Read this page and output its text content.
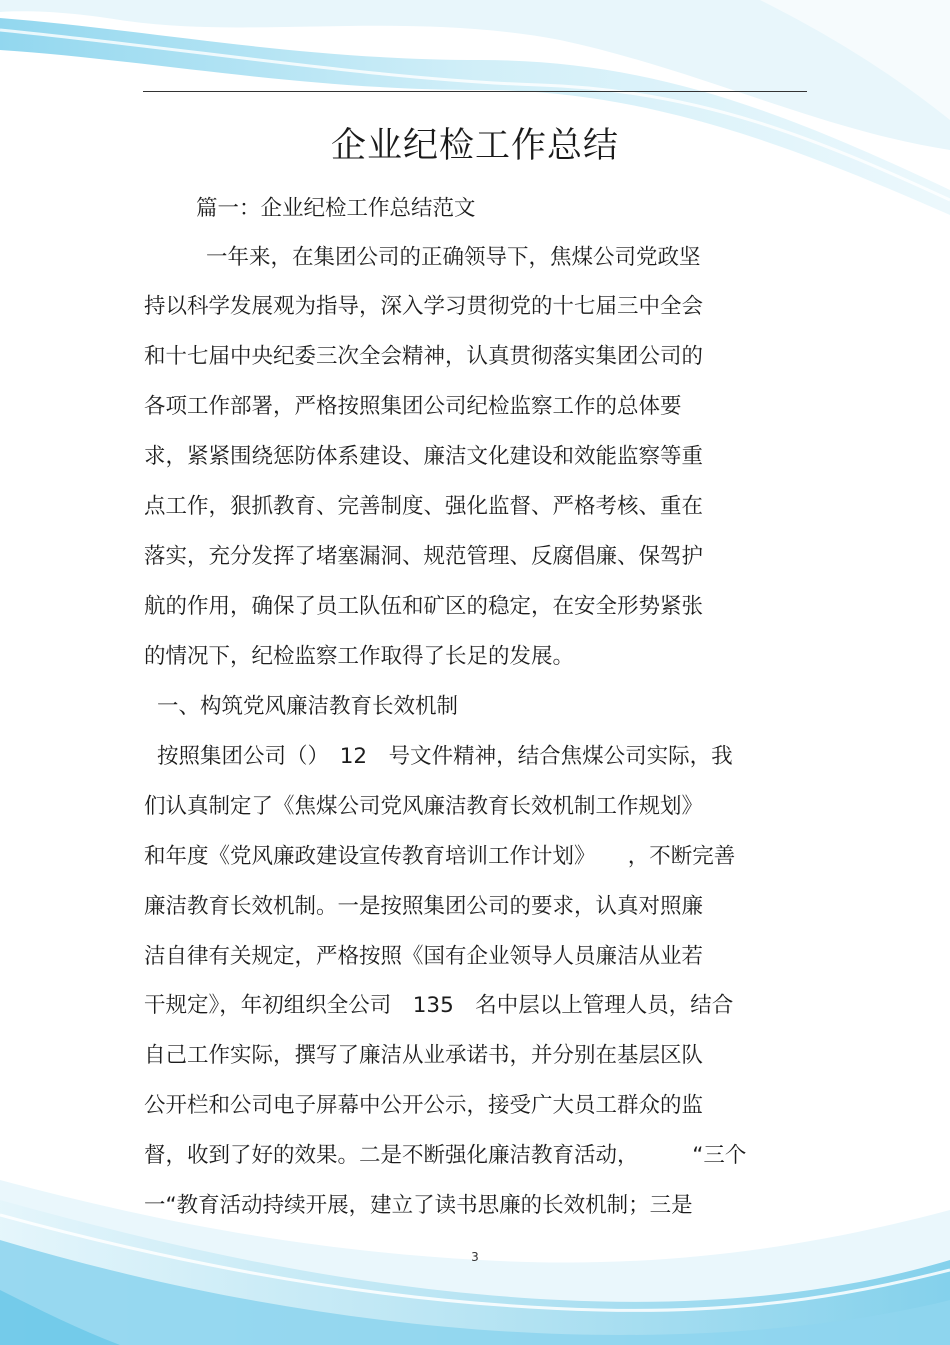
企业纪检工作总结

篇一：企业纪检工作总结范文

一年来，在集团公司的正确领导下，焦煤公司党政坚

持以科学发展观为指导，深入学习贯彻党的十七届三中全会

和十七届中央纪委三次全会精神，认真贯彻落实集团公司的

各项工作部署，严格按照集团公司纪检监察工作的总体要

求，紧紧围绕惩防体系建设、廉洁文化建设和效能监察等重

点工作，狠抓教育、完善制度、强化监督、严格考核、重在

落实，充分发挥了堵塞漏洞、规范管理、反腐倡廉、保驾护

航的作用，确保了员工队伍和矿区的稳定，在安全形势紧张

的情况下，纪检监察工作取得了长足的发展。

一、构筑党风廉洁教育长效机制

按照集团公司（）　12　号文件精神，结合焦煤公司实际，我

们认真制定了《焦煤公司党风廉洁教育长效机制工作规划》

和年度《党风廉政建设宣传教育培训工作计划》　　，不断完善

廉洁教育长效机制。一是按照集团公司的要求，认真对照廉

洁自律有关规定，严格按照《国有企业领导人员廉洁从业若

干规定》，年初组织全公司　135　名中层以上管理人员，结合

自己工作实际，撰写了廉洁从业承诺书，并分别在基层区队

公开栏和公司电子屏幕中公开公示，接受广大员工群众的监

督，收到了好的效果。二是不断强化廉洁教育活动，　　　“三个

一“教育活动持续开展，建立了读书思廉的长效机制；三是

3
